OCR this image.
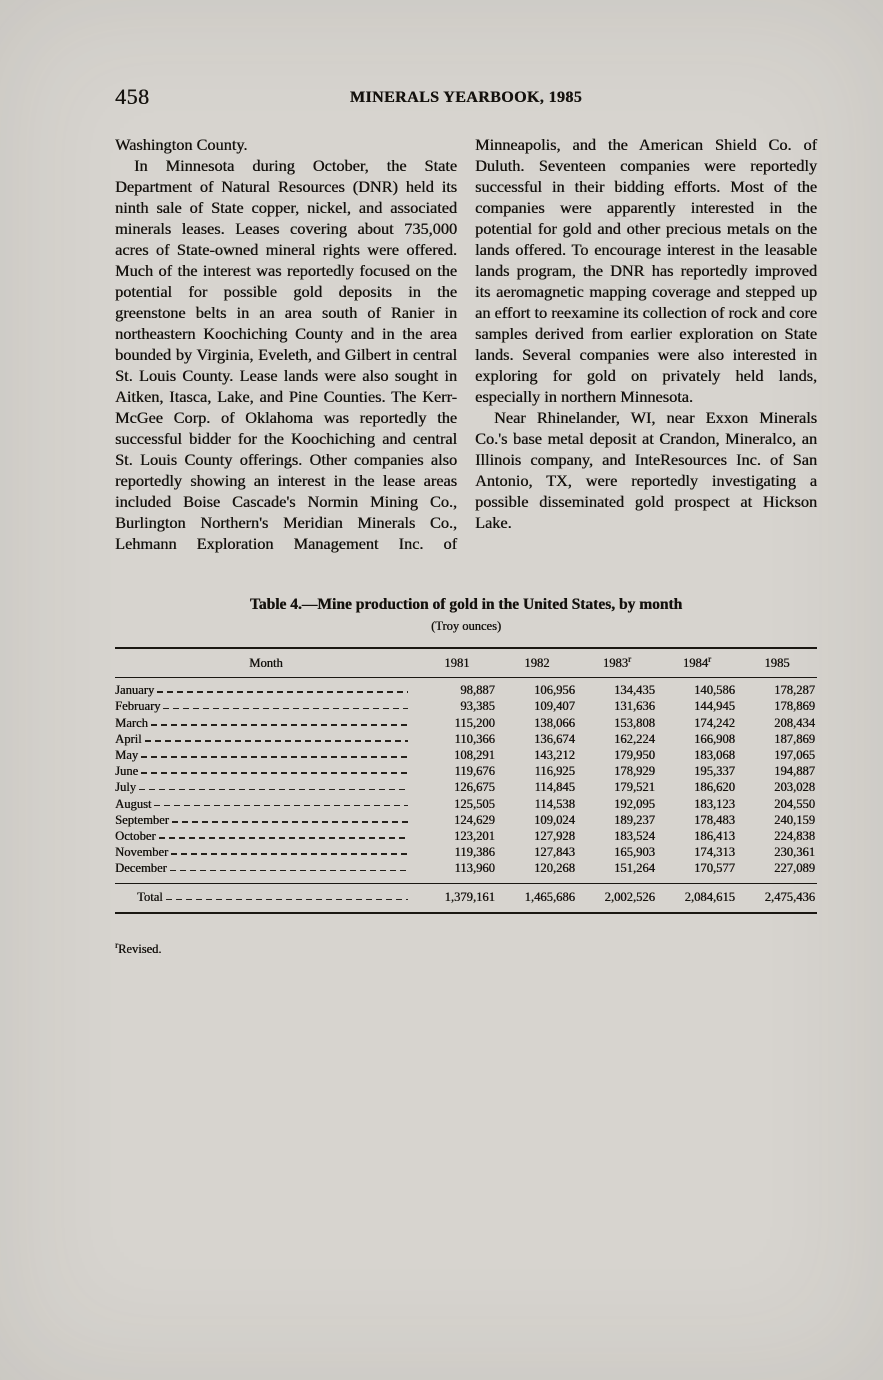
458	MINERALS YEARBOOK, 1985

Washington County.

In Minnesota during October, the State Department of Natural Resources (DNR) held its ninth sale of State copper, nickel, and associated minerals leases. Leases covering about 735,000 acres of State-owned mineral rights were offered. Much of the interest was reportedly focused on the potential for possible gold deposits in the greenstone belts in an area south of Ranier in northeastern Koochiching County and in the area bounded by Virginia, Eveleth, and Gilbert in central St. Louis County. Lease lands were also sought in Aitken, Itasca, Lake, and Pine Counties. The Kerr-McGee Corp. of Oklahoma was reportedly the successful bidder for the Koochiching and central St. Louis County offerings. Other companies also reportedly showing an interest in the lease areas included Boise Cascade's Normin Mining Co., Burlington Northern's Meridian Minerals Co., Lehmann Exploration Management Inc. of Minneapolis, and the American Shield Co. of Duluth. Seventeen companies were reportedly successful in their bidding efforts. Most of the companies were apparently interested in the potential for gold and other precious metals on the lands offered. To encourage interest in the leasable lands program, the DNR has reportedly improved its aeromagnetic mapping coverage and stepped up an effort to reexamine its collection of rock and core samples derived from earlier exploration on State lands. Several companies were also interested in exploring for gold on privately held lands, especially in northern Minnesota.

Near Rhinelander, WI, near Exxon Minerals Co.'s base metal deposit at Crandon, Mineralco, an Illinois company, and InteResources Inc. of San Antonio, TX, were reportedly investigating a possible disseminated gold prospect at Hickson Lake.

Table 4.—Mine production of gold in the United States, by month
(Troy ounces)
Month	1981	1982	1983$^r$	1984$^r$	1985

January	98,887	106,956	134,435	140,586	178,287

February	93,385	109,407	131,636	144,945	178,869

March	115,200	138,066	153,808	174,242	208,434

April	110,366	136,674	162,224	166,908	187,869

May	108,291	143,212	179,950	183,068	197,065

June	119,676	116,925	178,929	195,337	194,887

July	126,675	114,845	179,521	186,620	203,028

August	125,505	114,538	192,095	183,123	204,550

September	124,629	109,024	189,237	178,483	240,159

October	123,201	127,928	183,524	186,413	224,838

November	119,386	127,843	165,903	174,313	230,361

December	113,960	120,268	151,264	170,577	227,089

Total	1,379,161	1,465,686	2,002,526	2,084,615	2,475,436
$^r$Revised.
